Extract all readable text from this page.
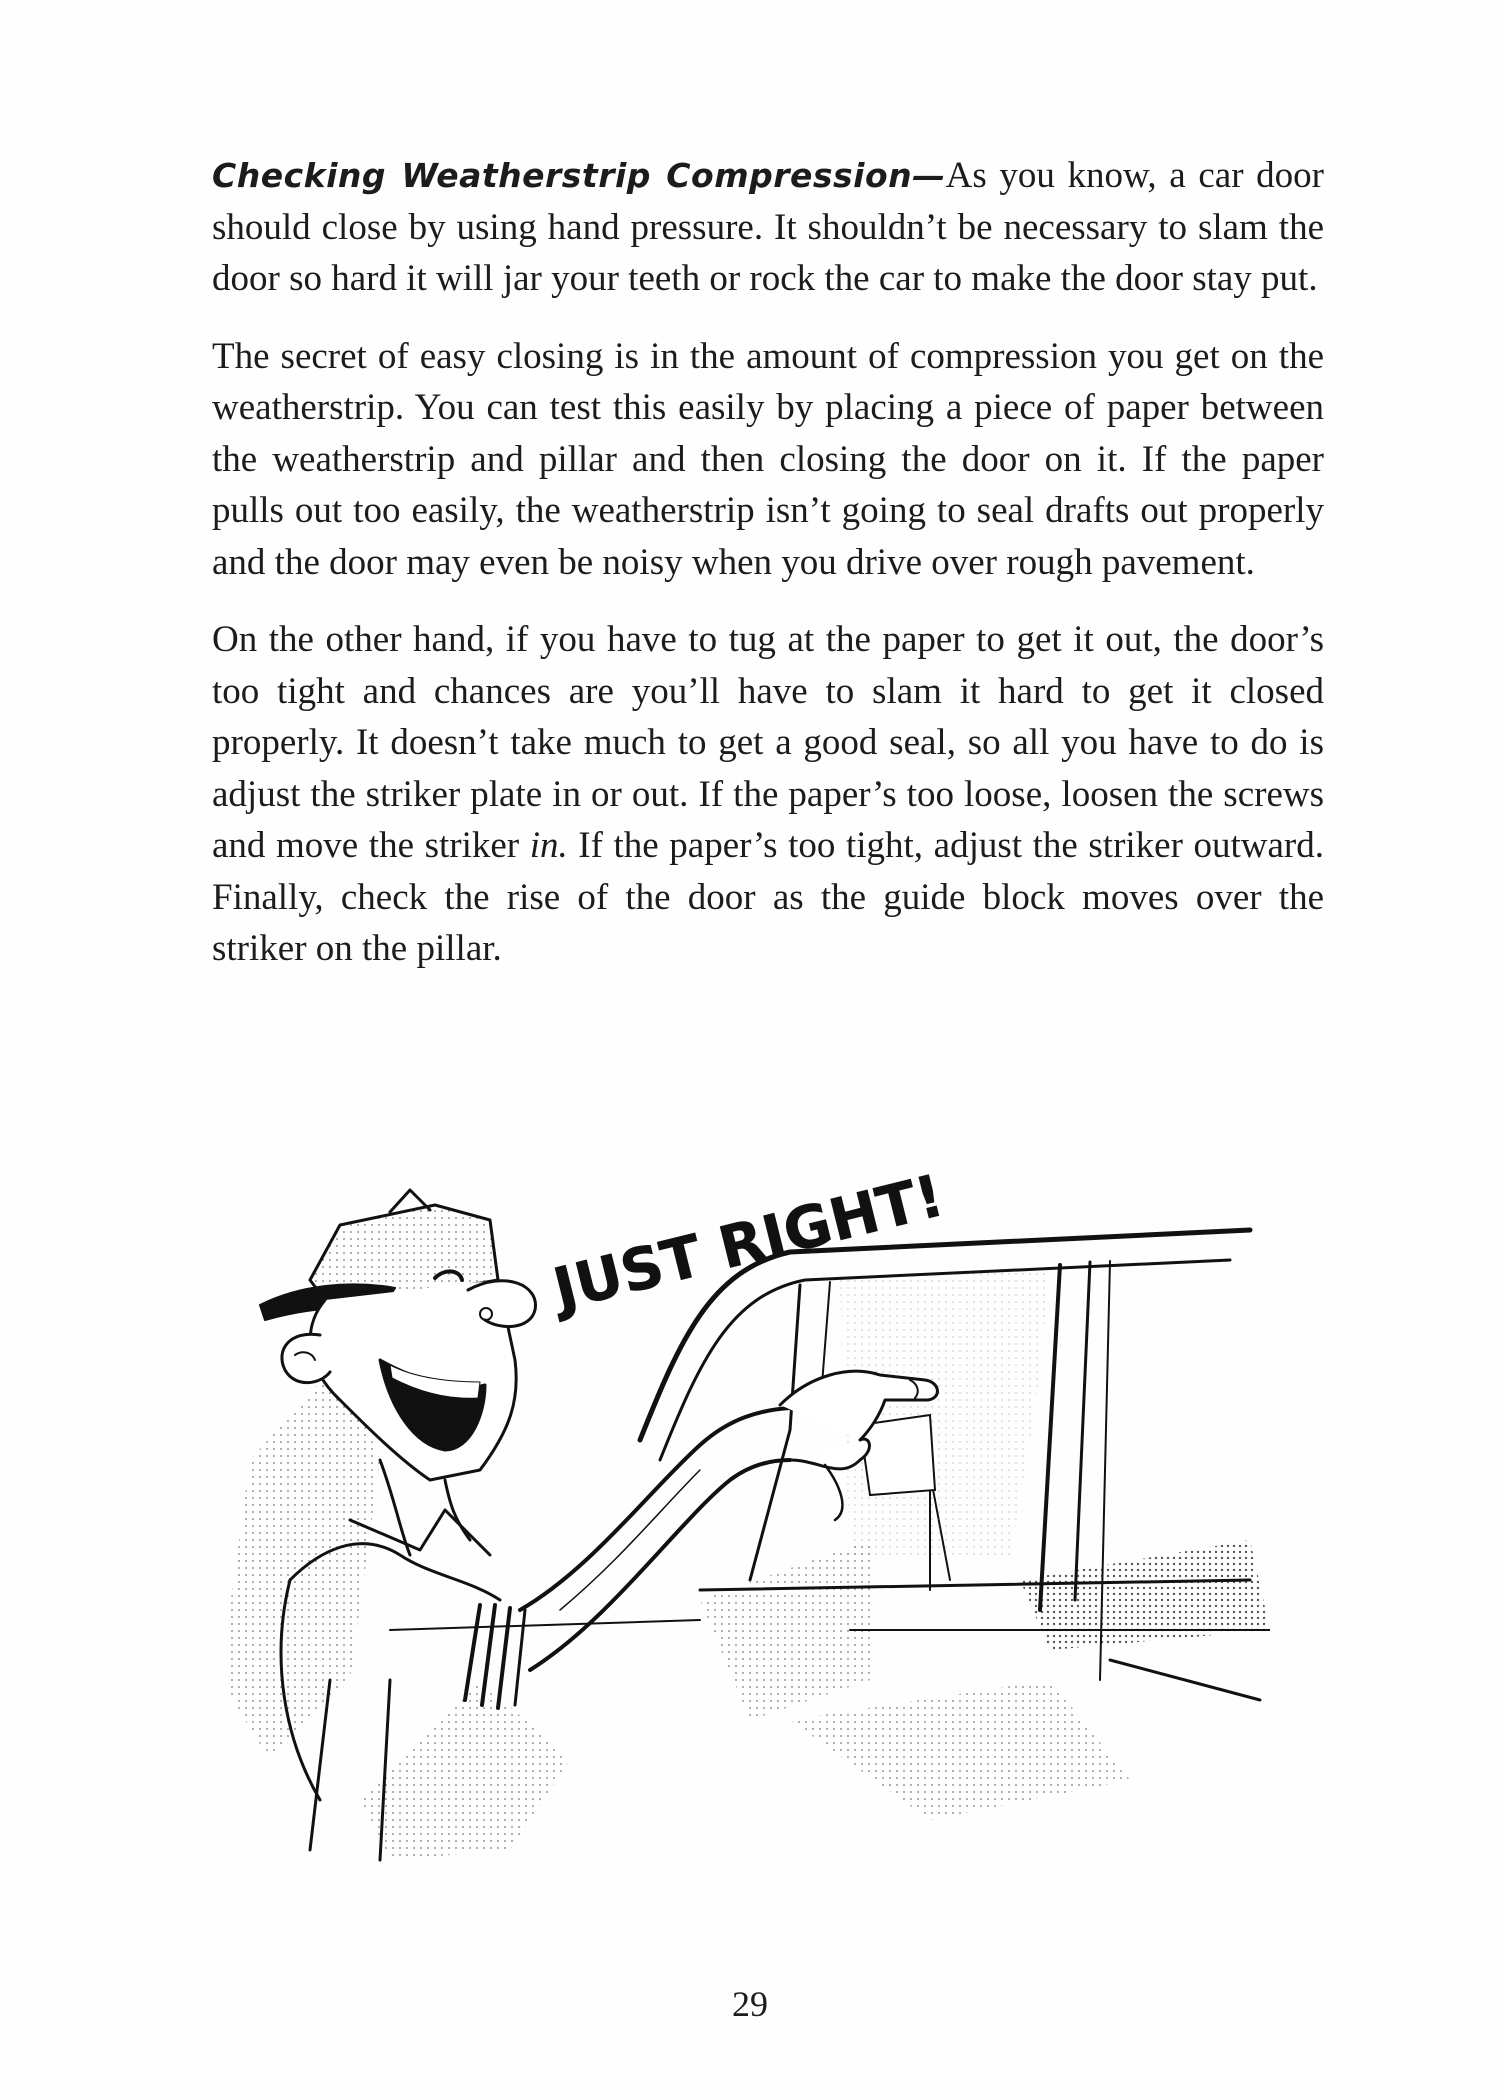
Checking Weatherstrip Compression—As you know, a car door should close by using hand pressure. It shouldn’t be necessary to slam the door so hard it will jar your teeth or rock the car to make the door stay put.

The secret of easy closing is in the amount of compression you get on the weatherstrip. You can test this easily by placing a piece of paper between the weatherstrip and pillar and then closing the door on it. If the paper pulls out too easily, the weatherstrip isn’t going to seal drafts out properly and the door may even be noisy when you drive over rough pavement.

On the other hand, if you have to tug at the paper to get it out, the door’s too tight and chances are you’ll have to slam it hard to get it closed properly. It doesn’t take much to get a good seal, so all you have to do is adjust the striker plate in or out. If the paper’s too loose, loosen the screws and move the striker in. If the paper’s too tight, adjust the striker outward. Finally, check the rise of the door as the guide block moves over the striker on the pillar.

JUST RIGHT!
29
